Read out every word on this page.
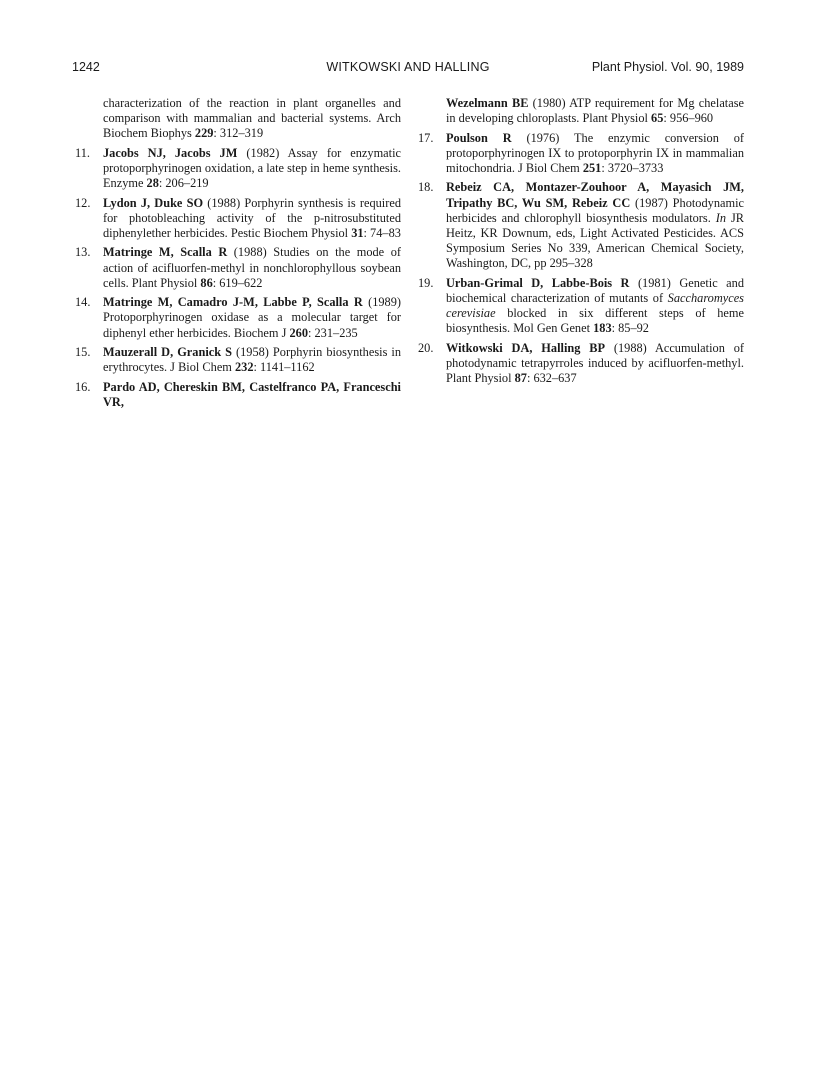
1242	WITKOWSKI AND HALLING	Plant Physiol. Vol. 90, 1989

characterization of the reaction in plant organelles and comparison with mammalian and bacterial systems. Arch Biochem Biophys 229: 312–319

11. Jacobs NJ, Jacobs JM (1982) Assay for enzymatic protoporphyrinogen oxidation, a late step in heme synthesis. Enzyme 28: 206–219

12. Lydon J, Duke SO (1988) Porphyrin synthesis is required for photobleaching activity of the p-nitrosubstituted diphenylether herbicides. Pestic Biochem Physiol 31: 74–83

13. Matringe M, Scalla R (1988) Studies on the mode of action of acifluorfen-methyl in nonchlorophyllous soybean cells. Plant Physiol 86: 619–622

14. Matringe M, Camadro J-M, Labbe P, Scalla R (1989) Protoporphyrinogen oxidase as a molecular target for diphenyl ether herbicides. Biochem J 260: 231–235

15. Mauzerall D, Granick S (1958) Porphyrin biosynthesis in erythrocytes. J Biol Chem 232: 1141–1162

16. Pardo AD, Chereskin BM, Castelfranco PA, Franceschi VR,

Wezelmann BE (1980) ATP requirement for Mg chelatase in developing chloroplasts. Plant Physiol 65: 956–960

17. Poulson R (1976) The enzymic conversion of protoporphyrinogen IX to protoporphyrin IX in mammalian mitochondria. J Biol Chem 251: 3720–3733

18. Rebeiz CA, Montazer-Zouhoor A, Mayasich JM, Tripathy BC, Wu SM, Rebeiz CC (1987) Photodynamic herbicides and chlorophyll biosynthesis modulators. In JR Heitz, KR Downum, eds, Light Activated Pesticides. ACS Symposium Series No 339, American Chemical Society, Washington, DC, pp 295–328

19. Urban-Grimal D, Labbe-Bois R (1981) Genetic and biochemical characterization of mutants of Saccharomyces cerevisiae blocked in six different steps of heme biosynthesis. Mol Gen Genet 183: 85–92

20. Witkowski DA, Halling BP (1988) Accumulation of photodynamic tetrapyrroles induced by acifluorfen-methyl. Plant Physiol 87: 632–637
